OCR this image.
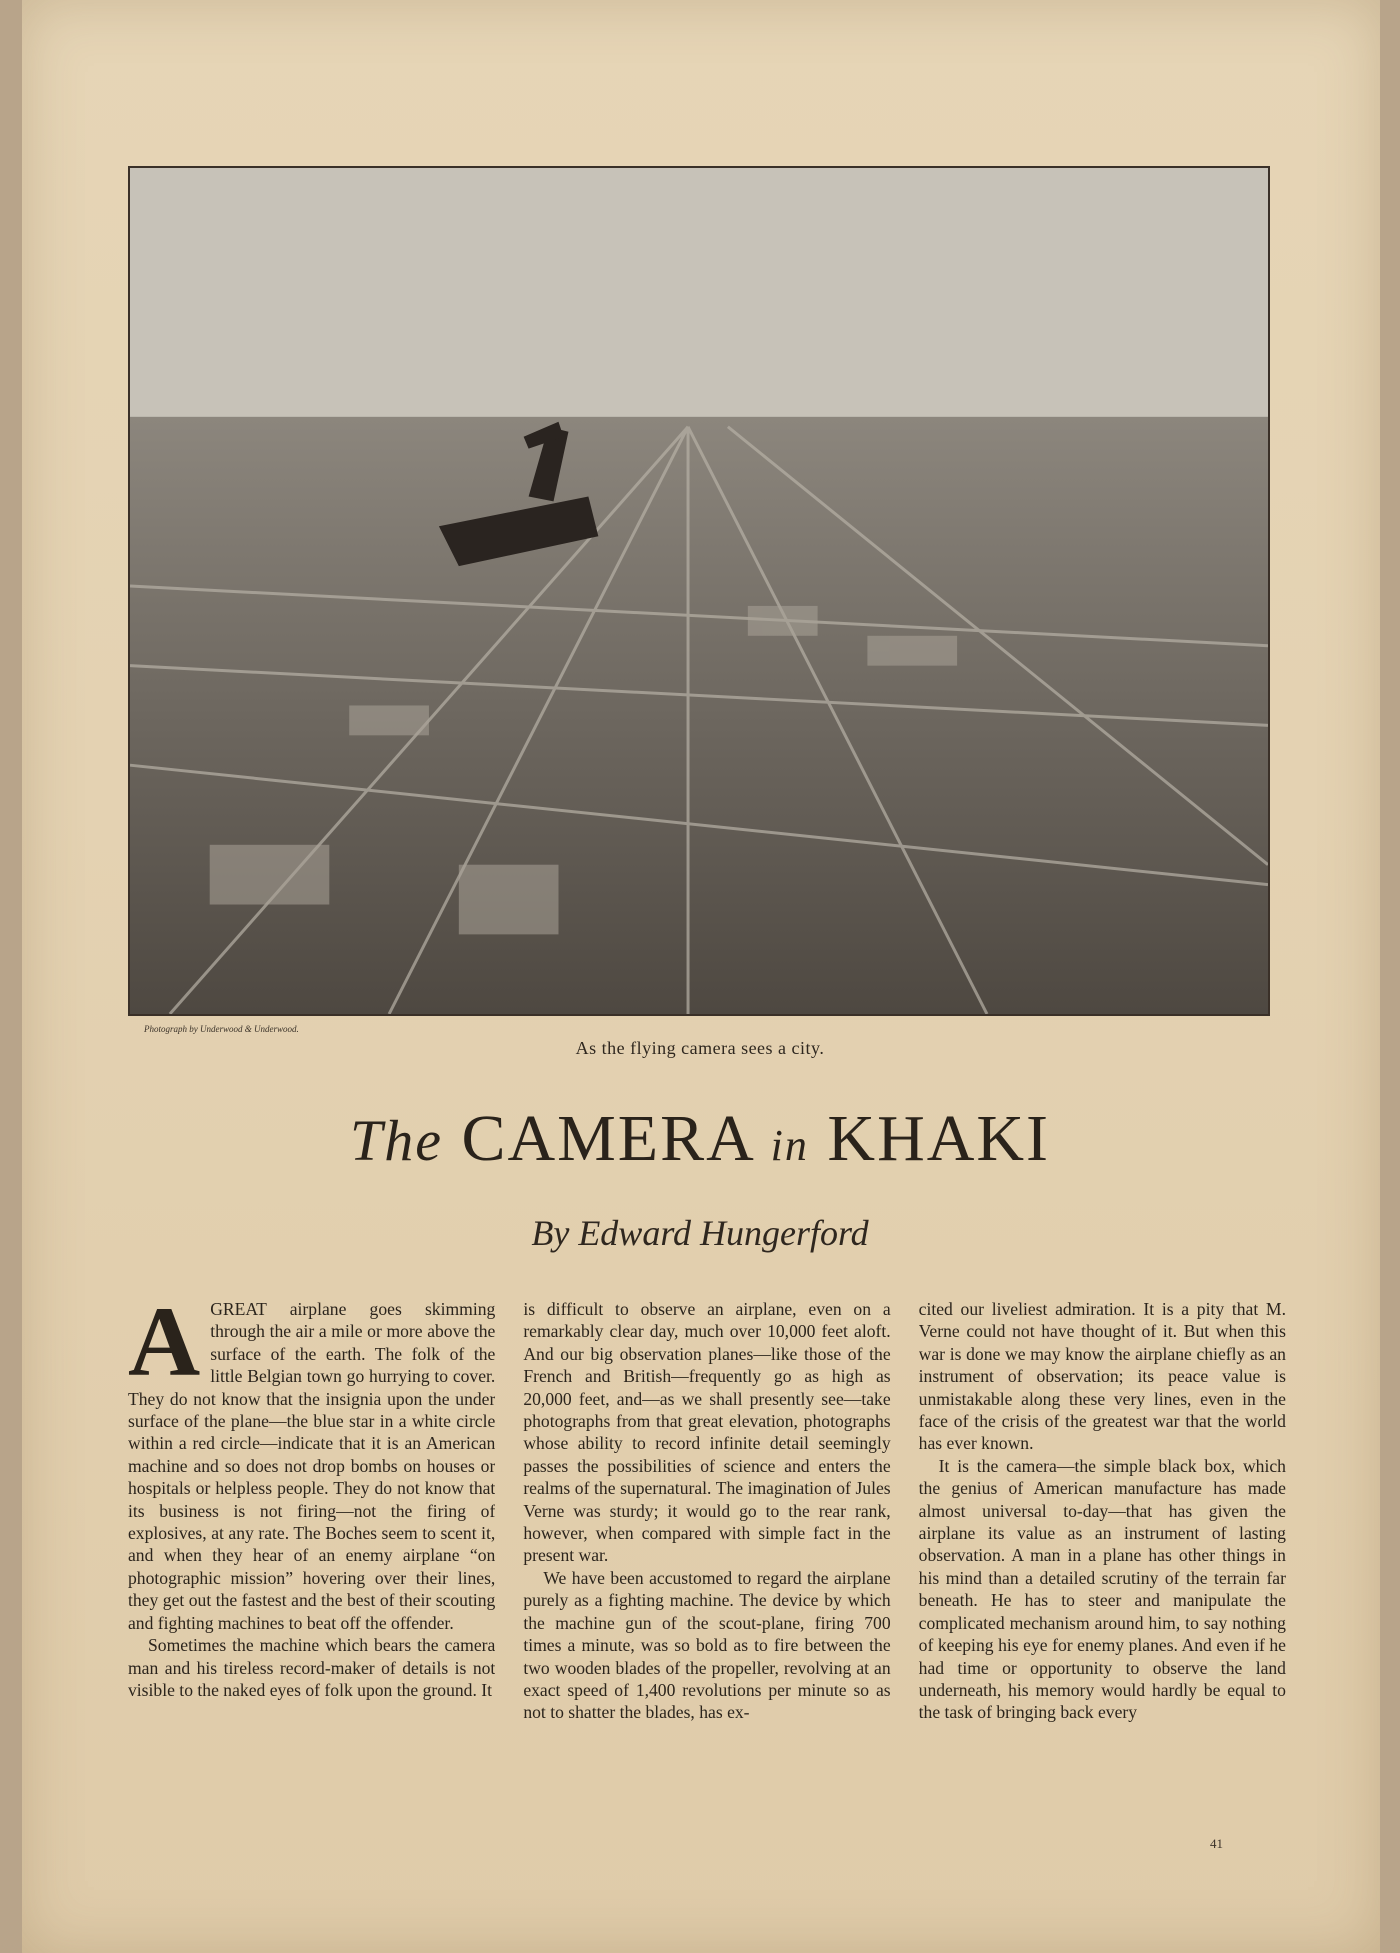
Photograph by Underwood & Underwood.
As the flying camera sees a city.
The CAMERA in KHAKI
By Edward Hungerford
A GREAT airplane goes skimming through the air a mile or more above the surface of the earth. The folk of the little Belgian town go hurrying to cover. They do not know that the insignia upon the under surface of the plane—the blue star in a white circle within a red circle—indicate that it is an American machine and so does not drop bombs on houses or hospitals or helpless people. They do not know that its business is not firing—not the firing of explosives, at any rate. The Boches seem to scent it, and when they hear of an enemy airplane “on photographic mission” hovering over their lines, they get out the fastest and the best of their scouting and fighting machines to beat off the offender.

Sometimes the machine which bears the camera man and his tireless record-maker of details is not visible to the naked eyes of folk upon the ground. It

is difficult to observe an airplane, even on a remarkably clear day, much over 10,000 feet aloft. And our big observation planes—like those of the French and British—frequently go as high as 20,000 feet, and—as we shall presently see—take photographs from that great elevation, photographs whose ability to record infinite detail seemingly passes the possibilities of science and enters the realms of the supernatural. The imagination of Jules Verne was sturdy; it would go to the rear rank, however, when compared with simple fact in the present war.

We have been accustomed to regard the airplane purely as a fighting machine. The device by which the machine gun of the scout-plane, firing 700 times a minute, was so bold as to fire between the two wooden blades of the propeller, revolving at an exact speed of 1,400 revolutions per minute so as not to shatter the blades, has ex-

cited our liveliest admiration. It is a pity that M. Verne could not have thought of it. But when this war is done we may know the airplane chiefly as an instrument of observation; its peace value is unmistakable along these very lines, even in the face of the crisis of the greatest war that the world has ever known.

It is the camera—the simple black box, which the genius of American manufacture has made almost universal to-day—that has given the airplane its value as an instrument of lasting observation. A man in a plane has other things in his mind than a detailed scrutiny of the terrain far beneath. He has to steer and manipulate the complicated mechanism around him, to say nothing of keeping his eye for enemy planes. And even if he had time or opportunity to observe the land underneath, his memory would hardly be equal to the task of bringing back every

41
